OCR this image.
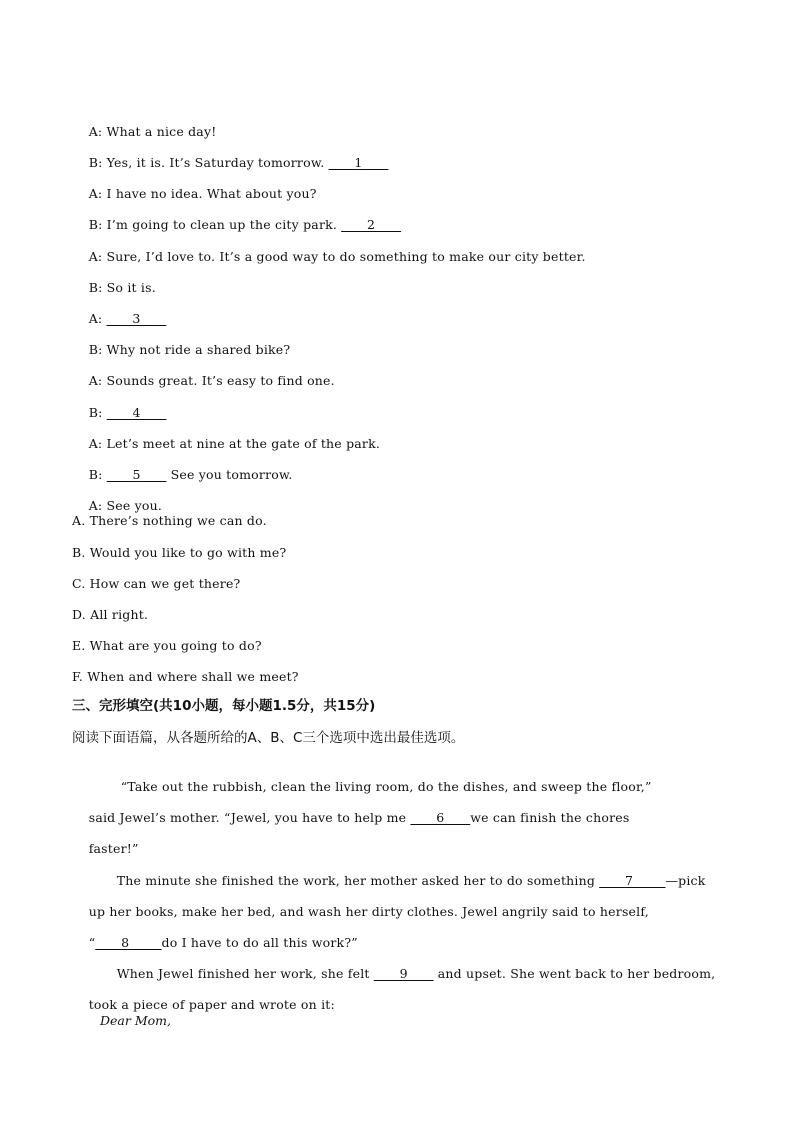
A: What a nice day!

B: Yes, it is. It’s Saturday tomorrow. ____1____

A: I have no idea. What about you?

B: I’m going to clean up the city park. ____2____

A: Sure, I’d love to. It’s a good way to do something to make our city better.

B: So it is.

A: ____3____

B: Why not ride a shared bike?

A: Sounds great. It’s easy to find one.

B: ____4____

A: Let’s meet at nine at the gate of the park.

B: ____5____ See you tomorrow.

A: See you.

A. There’s nothing we can do.
B. Would you like to go with me?
C. How can we get there?
D. All right.
E. What are you going to do?
F. When and where shall we meet?
三、完形填空(共10小题，每小题1.5分，共15分)
阅读下面语篇，从各题所给的A、B、C三个选项中选出最佳选项。

“Take out the rubbish, clean the living room, do the dishes, and sweep the floor,”

said Jewel’s mother. “Jewel, you have to help me ____6____we can finish the chores

faster!”

The minute she finished the work, her mother asked her to do something ____7_____—pick

up her books, make her bed, and wash her dirty clothes. Jewel angrily said to herself,

“____8_____do I have to do all this work?”

When Jewel finished her work, she felt ____9____ and upset. She went back to her bedroom,

took a piece of paper and wrote on it:

Dear Mom,
